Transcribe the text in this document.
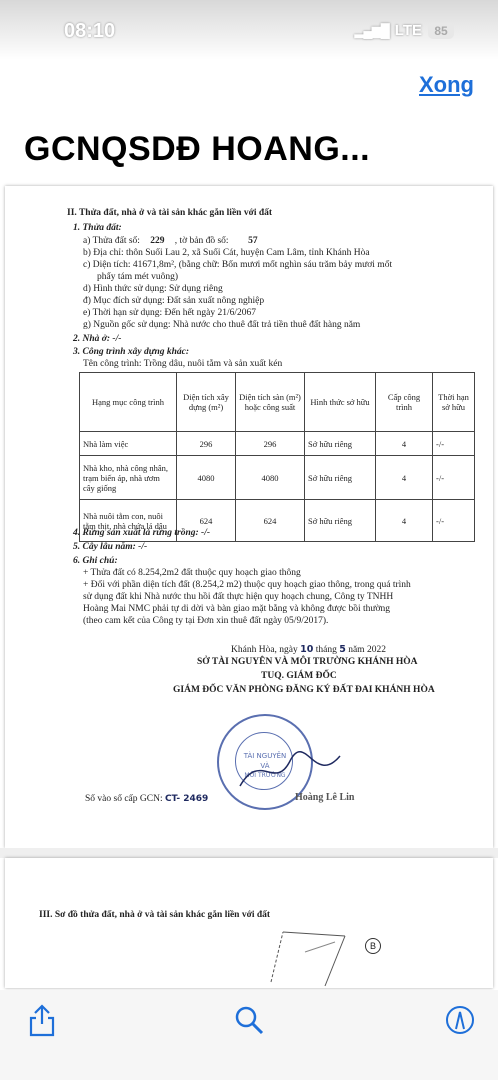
08:10	▂▄▆█ LTE	85
Xong
GCNQSDĐ HOANG...
II. Thửa đất, nhà ở và tài sản khác gắn liền với đất
1. Thửa đất:
a) Thửa đất số: 229 , tờ bản đồ số: 57
b) Địa chỉ: thôn Suối Lau 2, xã Suối Cát, huyện Cam Lâm, tỉnh Khánh Hòa
c) Diện tích: 41671,8m², (bằng chữ: Bốn mươi mốt nghìn sáu trăm bảy mươi mốt
phẩy tám mét vuông)
d) Hình thức sử dụng: Sử dụng riêng
đ) Mục đích sử dụng: Đất sản xuất nông nghiệp
e) Thời hạn sử dụng: Đến hết ngày 21/6/2067
g) Nguồn gốc sử dụng: Nhà nước cho thuê đất trả tiền thuê đất hàng năm
2. Nhà ở: -/-
3. Công trình xây dựng khác:
Tên công trình: Trồng dâu, nuôi tằm và sản xuất kén
Hạng mục công trình	Diện tích xây dựng (m²)	Diện tích sàn (m²) hoặc công suất	Hình thức sở hữu	Cấp công trình	Thời hạn sở hữu
Nhà làm việc	296	296	Sở hữu riêng	4	-/-
Nhà kho, nhà công nhân, trạm biến áp, nhà ươm cây giống	4080	4080	Sở hữu riêng	4	-/-
Nhà nuôi tằm con, nuôi tằm thịt, nhà chứa lá dâu	624	624	Sở hữu riêng	4	-/-
4. Rừng sản xuất là rừng trồng: -/-
5. Cây lâu năm: -/-
6. Ghi chú:
+ Thửa đất có 8.254,2m2 đất thuộc quy hoạch giao thông
+ Đối với phần diện tích đất (8.254,2 m2) thuộc quy hoạch giao thông, trong quá trình
sử dụng đất khi Nhà nước thu hồi đất thực hiện quy hoạch chung, Công ty TNHH
Hoàng Mai NMC phải tự di dời và bàn giao mặt bằng và không được bồi thường
(theo cam kết của Công ty tại Đơn xin thuê đất ngày 05/9/2017).
Khánh Hòa, ngày 10 tháng 5 năm 2022
SỞ TÀI NGUYÊN VÀ MÔI TRƯỜNG KHÁNH HÒA
TUQ. GIÁM ĐỐC
GIÁM ĐỐC VĂN PHÒNG ĐĂNG KÝ ĐẤT ĐAI KHÁNH HÒA
TÀI NGUYÊN
VÀ
MÔI TRƯỜNG
Hoàng Lê Lin
Số vào sổ cấp GCN: CT- 2469
III. Sơ đồ thửa đất, nhà ở và tài sản khác gắn liền với đất
B
